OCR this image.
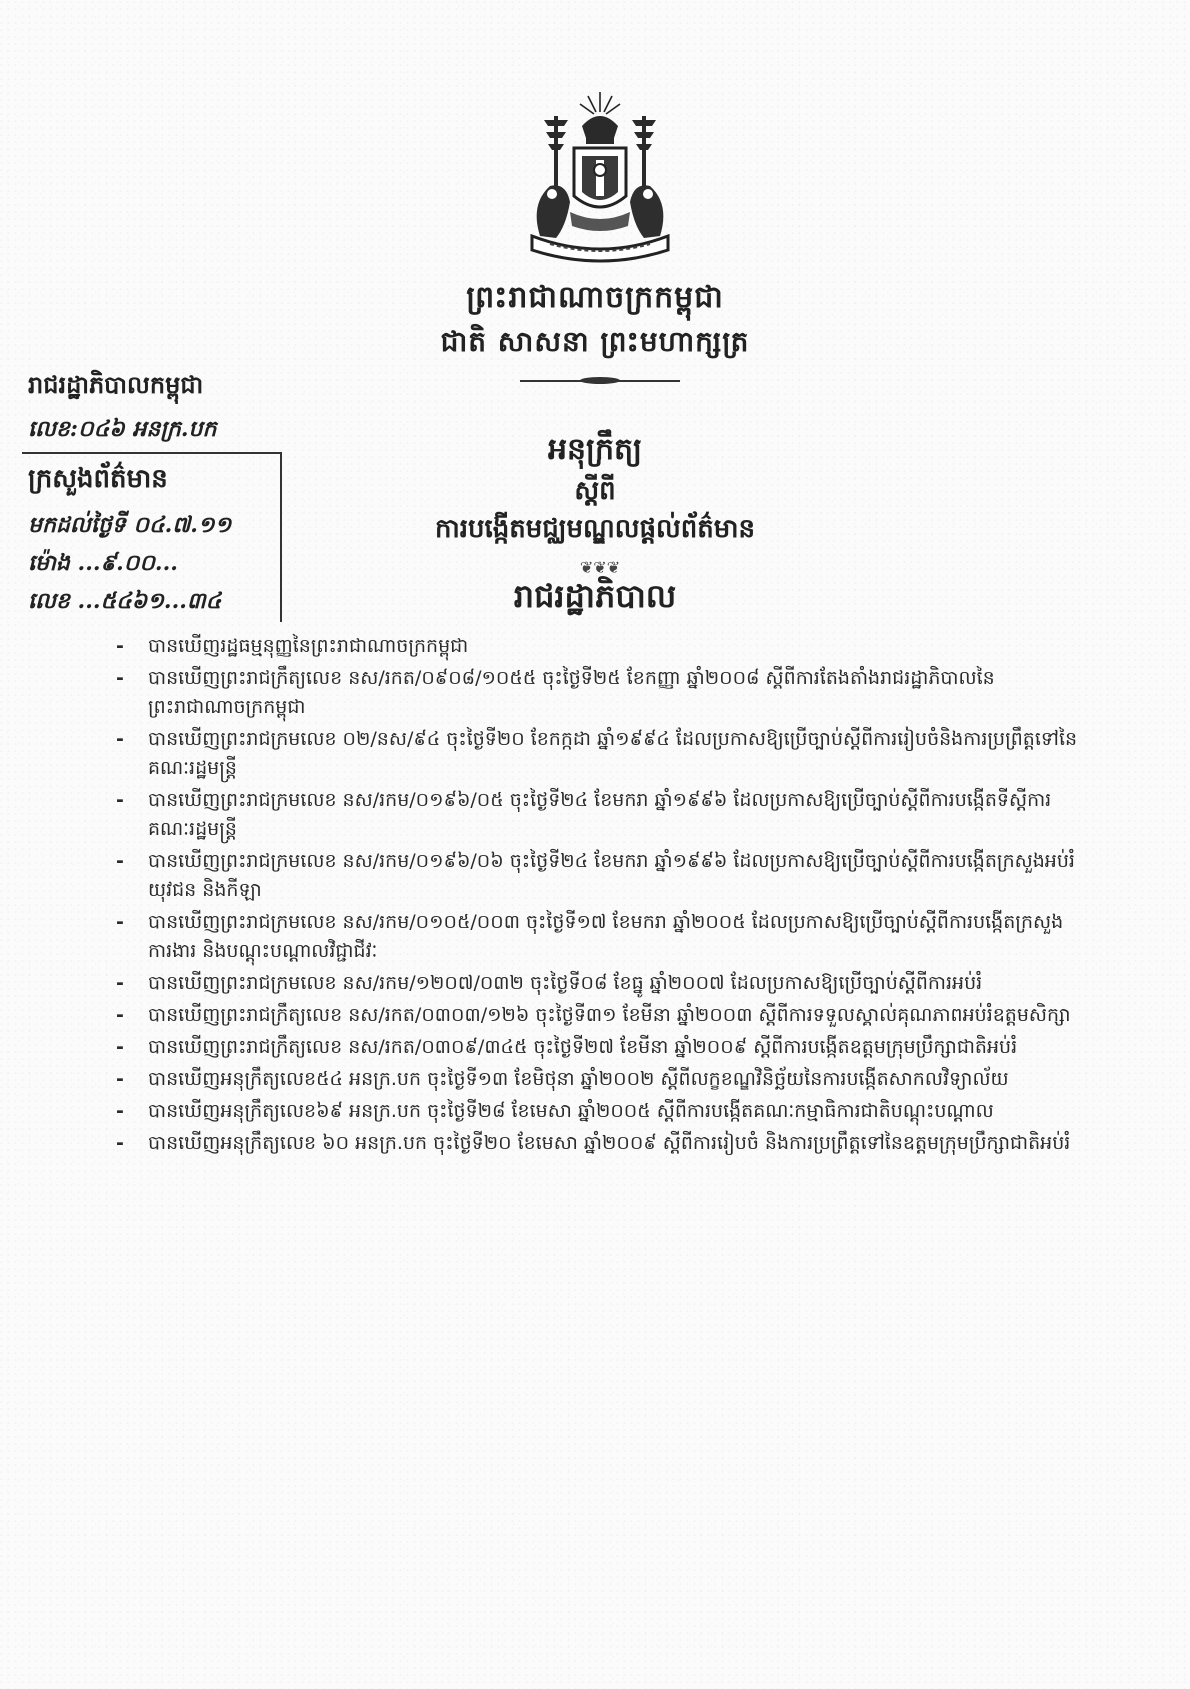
ព្រះរាជាណាចក្រកម្ពុជា
ជាតិ សាសនា ព្រះមហាក្សត្រ
រាជរដ្ឋាភិបាលកម្ពុជា
លេខ:០៤៦ អនក្រ.បក
ក្រសួងព័ត៌មាន
មកដល់ថ្ងៃទី ០៤.៧.១១
ម៉ោង ...៩.០០...
លេខ ...៥៤៦១...៣៤
អនុក្រឹត្យ
ស្តីពី
ការបង្កើតមជ្ឈមណ្ឌលផ្តល់ព័ត៌មាន
❦❦❦
រាជរដ្ឋាភិបាល
- បានឃើញរដ្ឋធម្មនុញ្ញនៃព្រះរាជាណាចក្រកម្ពុជា
- បានឃើញព្រះរាជក្រឹត្យលេខ នស/រកត/០៩០៨/១០៥៥ ចុះថ្ងៃទី២៥ ខែកញ្ញា ឆ្នាំ២០០៨ ស្តីពីការតែងតាំងរាជរដ្ឋាភិបាលនៃព្រះរាជាណាចក្រកម្ពុជា
- បានឃើញព្រះរាជក្រមលេខ ០២/នស/៩៤ ចុះថ្ងៃទី២០ ខែកក្កដា ឆ្នាំ១៩៩៤ ដែលប្រកាសឱ្យប្រើច្បាប់ស្តីពីការរៀបចំនិងការប្រព្រឹត្តទៅនៃគណៈរដ្ឋមន្ត្រី
- បានឃើញព្រះរាជក្រមលេខ នស/រកម/០១៩៦/០៥ ចុះថ្ងៃទី២៤ ខែមករា ឆ្នាំ១៩៩៦ ដែលប្រកាសឱ្យប្រើច្បាប់ស្តីពីការបង្កើតទីស្តីការគណៈរដ្ឋមន្ត្រី
- បានឃើញព្រះរាជក្រមលេខ នស/រកម/០១៩៦/០៦ ចុះថ្ងៃទី២៤ ខែមករា ឆ្នាំ១៩៩៦ ដែលប្រកាសឱ្យប្រើច្បាប់ស្តីពីការបង្កើតក្រសួងអប់រំ យុវជន និងកីឡា
- បានឃើញព្រះរាជក្រមលេខ នស/រកម/០១០៥/០០៣ ចុះថ្ងៃទី១៧ ខែមករា ឆ្នាំ២០០៥ ដែលប្រកាសឱ្យប្រើច្បាប់ស្តីពីការបង្កើតក្រសួងការងារ និងបណ្តុះបណ្តាលវិជ្ជាជីវៈ
- បានឃើញព្រះរាជក្រមលេខ នស/រកម/១២០៧/០៣២ ចុះថ្ងៃទី០៨ ខែធ្នូ ឆ្នាំ២០០៧ ដែលប្រកាសឱ្យប្រើច្បាប់ស្តីពីការអប់រំ
- បានឃើញព្រះរាជក្រឹត្យលេខ នស/រកត/០៣០៣/១២៦ ចុះថ្ងៃទី៣១ ខែមីនា ឆ្នាំ២០០៣ ស្តីពីការទទួលស្គាល់គុណភាពអប់រំឧត្តមសិក្សា
- បានឃើញព្រះរាជក្រឹត្យលេខ នស/រកត/០៣០៩/៣៤៥ ចុះថ្ងៃទី២៧ ខែមីនា ឆ្នាំ២០០៩ ស្តីពីការបង្កើតឧត្តមក្រុមប្រឹក្សាជាតិអប់រំ
- បានឃើញអនុក្រឹត្យលេខ៥៤ អនក្រ.បក ចុះថ្ងៃទី១៣ ខែមិថុនា ឆ្នាំ២០០២ ស្តីពីលក្ខខណ្ឌវិនិច្ឆ័យនៃការបង្កើតសាកលវិទ្យាល័យ
- បានឃើញអនុក្រឹត្យលេខ៦៩ អនក្រ.បក ចុះថ្ងៃទី២៨ ខែមេសា ឆ្នាំ២០០៥ ស្តីពីការបង្កើតគណៈកម្មាធិការជាតិបណ្តុះបណ្តាល
- បានឃើញអនុក្រឹត្យលេខ ៦០ អនក្រ.បក ចុះថ្ងៃទី២០ ខែមេសា ឆ្នាំ២០០៩ ស្តីពីការរៀបចំ និងការប្រព្រឹត្តទៅនៃឧត្តមក្រុមប្រឹក្សាជាតិអប់រំ
